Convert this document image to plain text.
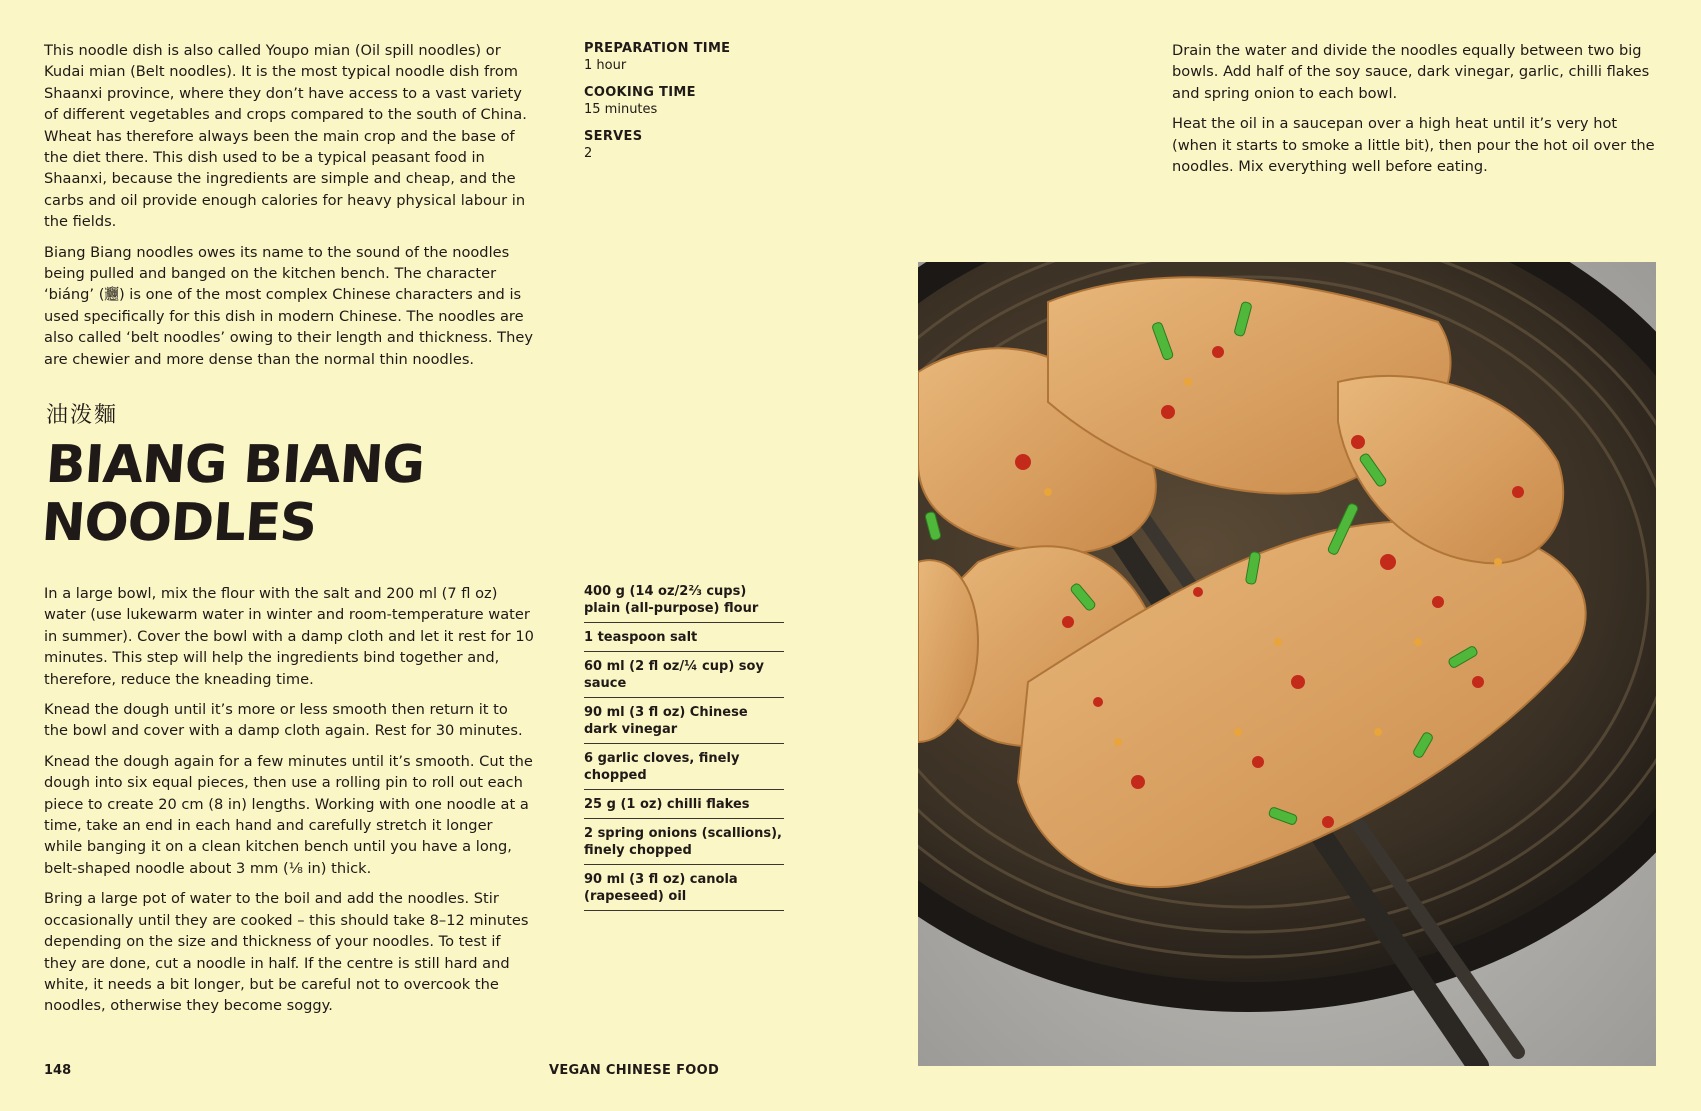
This noodle dish is also called Youpo mian (Oil spill noodles) or Kudai mian (Belt noodles). It is the most typical noodle dish from Shaanxi province, where they don’t have access to a vast variety of different vegetables and crops compared to the south of China. Wheat has therefore always been the main crop and the base of the diet there. This dish used to be a typical peasant food in Shaanxi, because the ingredients are simple and cheap, and the carbs and oil provide enough calories for heavy physical labour in the fields.

Biang Biang noodles owes its name to the sound of the noodles being pulled and banged on the kitchen bench. The character ‘biáng’ (𰻞) is one of the most complex Chinese characters and is used specifically for this dish in modern Chinese. The noodles are also called ‘belt noodles’ owing to their length and thickness. They are chewier and more dense than the normal thin noodles.

PREPARATION TIME
1 hour
COOKING TIME
15 minutes
SERVES
2

Drain the water and divide the noodles equally between two big bowls. Add half of the soy sauce, dark vinegar, garlic, chilli flakes and spring onion to each bowl.

Heat the oil in a saucepan over a high heat until it’s very hot (when it starts to smoke a little bit), then pour the hot oil over the noodles. Mix everything well before eating.

油泼麵
BIANG BIANG
NOODLES

In a large bowl, mix the flour with the salt and 200 ml (7 fl oz) water (use lukewarm water in winter and room-temperature water in summer). Cover the bowl with a damp cloth and let it rest for 10 minutes. This step will help the ingredients bind together and, therefore, reduce the kneading time.

Knead the dough until it’s more or less smooth then return it to the bowl and cover with a damp cloth again. Rest for 30 minutes.

Knead the dough again for a few minutes until it’s smooth. Cut the dough into six equal pieces, then use a rolling pin to roll out each piece to create 20 cm (8 in) lengths. Working with one noodle at a time, take an end in each hand and carefully stretch it longer while banging it on a clean kitchen bench until you have a long, belt-shaped noodle about 3 mm (⅛ in) thick.

Bring a large pot of water to the boil and add the noodles. Stir occasionally until they are cooked – this should take 8–12 minutes depending on the size and thickness of your noodles. To test if they are done, cut a noodle in half. If the centre is still hard and white, it needs a bit longer, but be careful not to overcook the noodles, otherwise they become soggy.

400 g (14 oz/2⅔ cups) plain (all-purpose) flour
1 teaspoon salt
60 ml (2 fl oz/¼ cup) soy sauce
90 ml (3 fl oz) Chinese dark vinegar
6 garlic cloves, finely chopped
25 g (1 oz) chilli flakes
2 spring onions (scallions), finely chopped
90 ml (3 fl oz) canola (rapeseed) oil
148	VEGAN CHINESE FOOD
